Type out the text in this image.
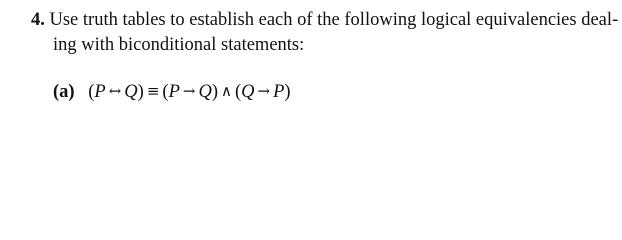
4. Use truth tables to establish each of the following logical equivalencies deal-
ing with biconditional statements:
(a) (P ↔ Q) ≡ (P → Q) ∧ (Q → P)
